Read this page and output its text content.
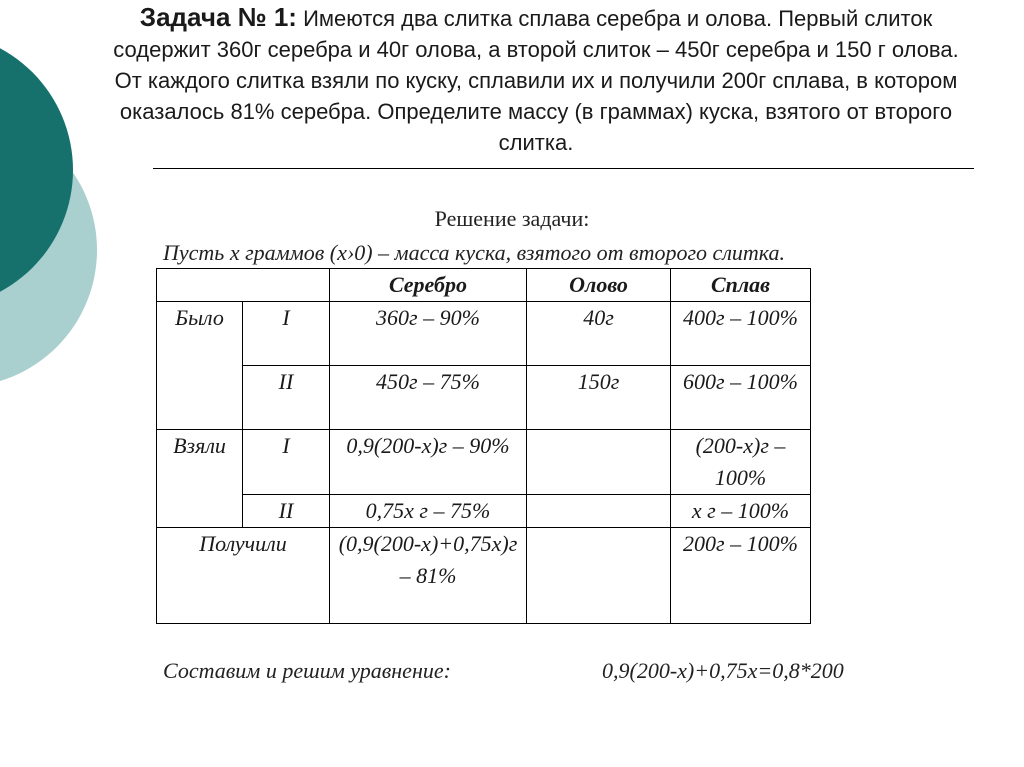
Задача № 1: Имеются два слитка сплава серебра и олова. Первый слиток содержит 360г серебра и 40г олова, а второй слиток – 450г серебра и 150 г олова. От каждого слитка взяли по куску, сплавили их и получили 200г сплава, в котором оказалось 81% серебра. Определите массу (в граммах) куска, взятого от второго слитка.
Решение задачи:
Пусть х граммов (х›0) – масса куска, взятого от второго слитка.
		Серебро	Олово	Сплав
Было	I	360г – 90%	40г	400г – 100%
	II	450г – 75%	150г	600г – 100%
Взяли	I	0,9(200-х)г – 90%		(200-х)г – 100%
	II	0,75х г – 75%		х г – 100%
Получили		(0,9(200-х)+0,75х)г – 81%		200г – 100%
Составим и решим уравнение:	0,9(200-х)+0,75х=0,8*200
